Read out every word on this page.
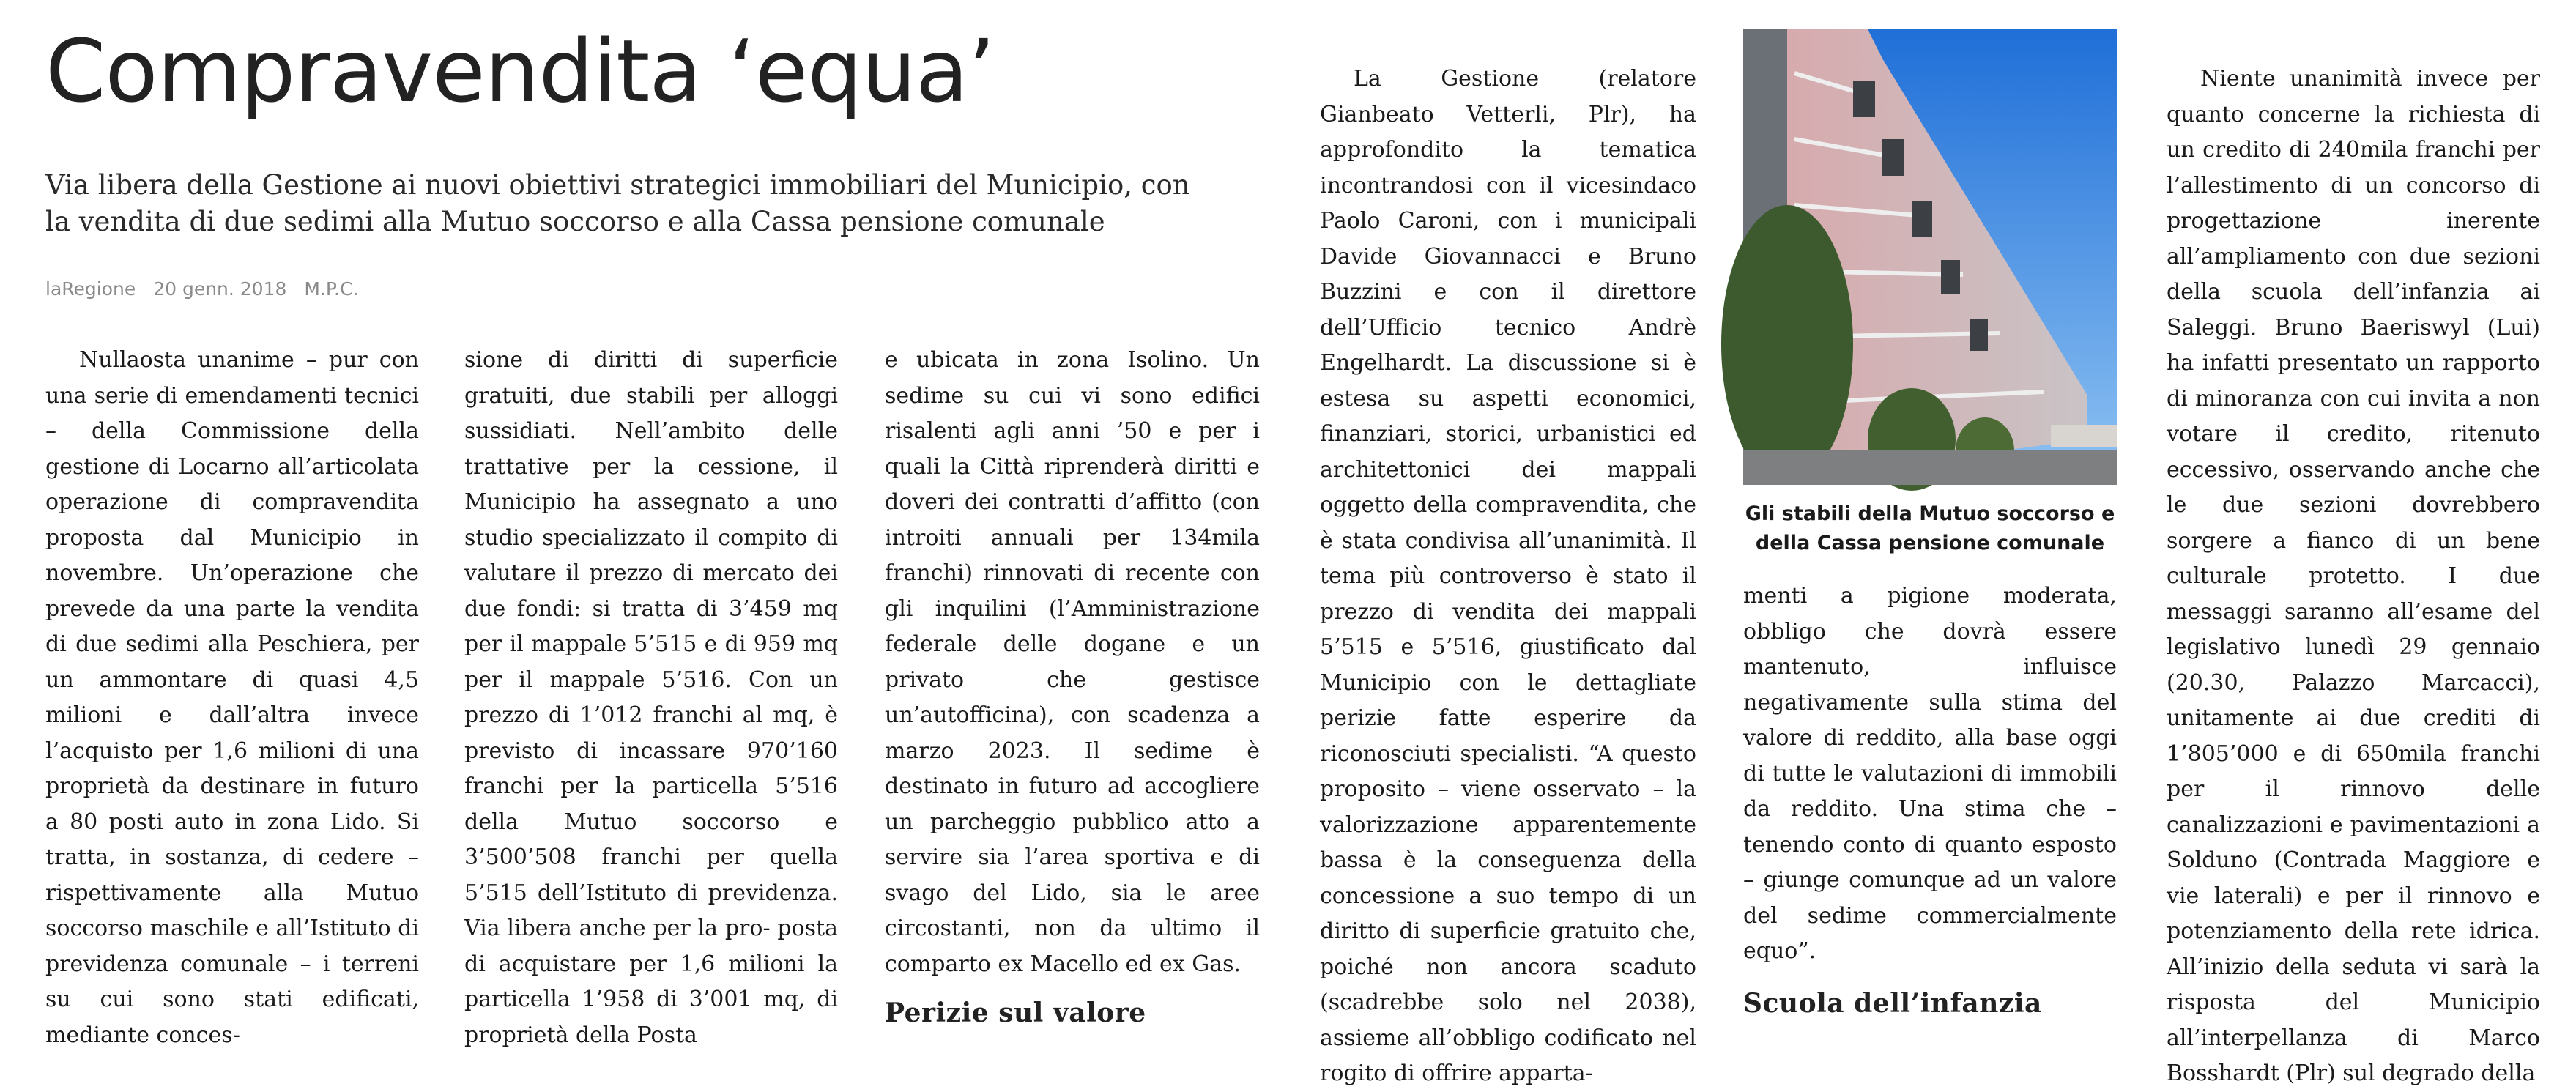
Compravendita ‘equa’
Via libera della Gestione ai nuovi obiettivi strategici immobiliari del Municipio, con la vendita di due sedimi alla Mutuo soccorso e alla Cassa pensione comunale
laRegione 20 genn. 2018 M.P.C.

Nullaosta unanime – pur con una serie di emendamenti tecnici – della Commissione della gestione di Locarno all’articolata operazione di compravendita proposta dal Municipio in novembre. Un’operazione che prevede da una parte la vendita di due sedimi alla Peschiera, per un ammontare di quasi 4,5 milioni e dall’altra invece l’acquisto per 1,6 milioni di una proprietà da destinare in futuro a 80 posti auto in zona Lido. Si tratta, in sostanza, di cedere – rispettivamente alla Mutuo soccorso maschile e all’Istituto di previdenza comunale – i terreni su cui sono stati edificati, mediante conces-

sione di diritti di superficie gratuiti, due stabili per alloggi sussidiati. Nell’ambito delle trattative per la cessione, il Municipio ha assegnato a uno studio specializzato il compito di valutare il prezzo di mercato dei due fondi: si tratta di 3’459 mq per il mappale 5’515 e di 959 mq per il mappale 5’516. Con un prezzo di 1’012 franchi al mq, è previsto di incassare 970’160 franchi per la particella 5’516 della Mutuo soccorso e 3’500’508 franchi per quella 5’515 dell’Istituto di previdenza. Via libera anche per la pro- posta di acquistare per 1,6 milioni la particella 1’958 di 3’001 mq, di proprietà della Posta

e ubicata in zona Isolino. Un sedime su cui vi sono edifici risalenti agli anni ’50 e per i quali la Città riprenderà diritti e doveri dei contratti d’affitto (con introiti annuali per 134mila franchi) rinnovati di recente con gli inquilini (l’Amministrazione federale delle dogane e un privato che gestisce un’autofficina), con scadenza a marzo 2023. Il sedime è destinato in futuro ad accogliere un parcheggio pubblico atto a servire sia l’area sportiva e di svago del Lido, sia le aree circostanti, non da ultimo il comparto ex Macello ed ex Gas.

Perizie sul valore

La Gestione (relatore Gianbeato Vetterli, Plr), ha approfondito la tematica incontrandosi con il vicesindaco Paolo Caroni, con i municipali Davide Giovannacci e Bruno Buzzini e con il direttore dell’Ufficio tecnico Andrè Engelhardt. La discussione si è estesa su aspetti economici, finanziari, storici, urbanistici ed architettonici dei mappali oggetto della compravendita, che è stata condivisa all’unanimità. Il tema più controverso è stato il prezzo di vendita dei mappali 5’515 e 5’516, giustificato dal Municipio con le dettagliate perizie fatte esperire da riconosciuti specialisti. “A questo proposito – viene osservato – la valorizzazione apparentemente bassa è la conseguenza della concessione a suo tempo di un diritto di superficie gratuito che, poiché non ancora scaduto (scadrebbe solo nel 2038), assieme all’obbligo codificato nel rogito di offrire apparta-

Gli stabili della Mutuo soccorso e della Cassa pensione comunale

menti a pigione moderata, obbligo che dovrà essere mantenuto, influisce negativamente sulla stima del valore di reddito, alla base oggi di tutte le valutazioni di immobili da reddito. Una stima che – tenendo conto di quanto esposto – giunge comunque ad un valore del sedime commercialmente equo”.

Scuola dell’infanzia

Niente unanimità invece per quanto concerne la richiesta di un credito di 240mila franchi per l’allestimento di un concorso di progettazione inerente all’ampliamento con due sezioni della scuola dell’infanzia ai Saleggi. Bruno Baeriswyl (Lui) ha infatti presentato un rapporto di minoranza con cui invita a non votare il credito, ritenuto eccessivo, osservando anche che le due sezioni dovrebbero sorgere a fianco di un bene culturale protetto. I due messaggi saranno all’esame del legislativo lunedì 29 gennaio (20.30, Palazzo Marcacci), unitamente ai due crediti di 1’805’000 e di 650mila franchi per il rinnovo delle canalizzazioni e pavimentazioni a Solduno (Contrada Maggiore e vie laterali) e per il rinnovo e potenziamento della rete idrica. All’inizio della seduta vi sarà la risposta del Municipio all’interpellanza di Marco Bosshardt (Plr) sul degrado della
